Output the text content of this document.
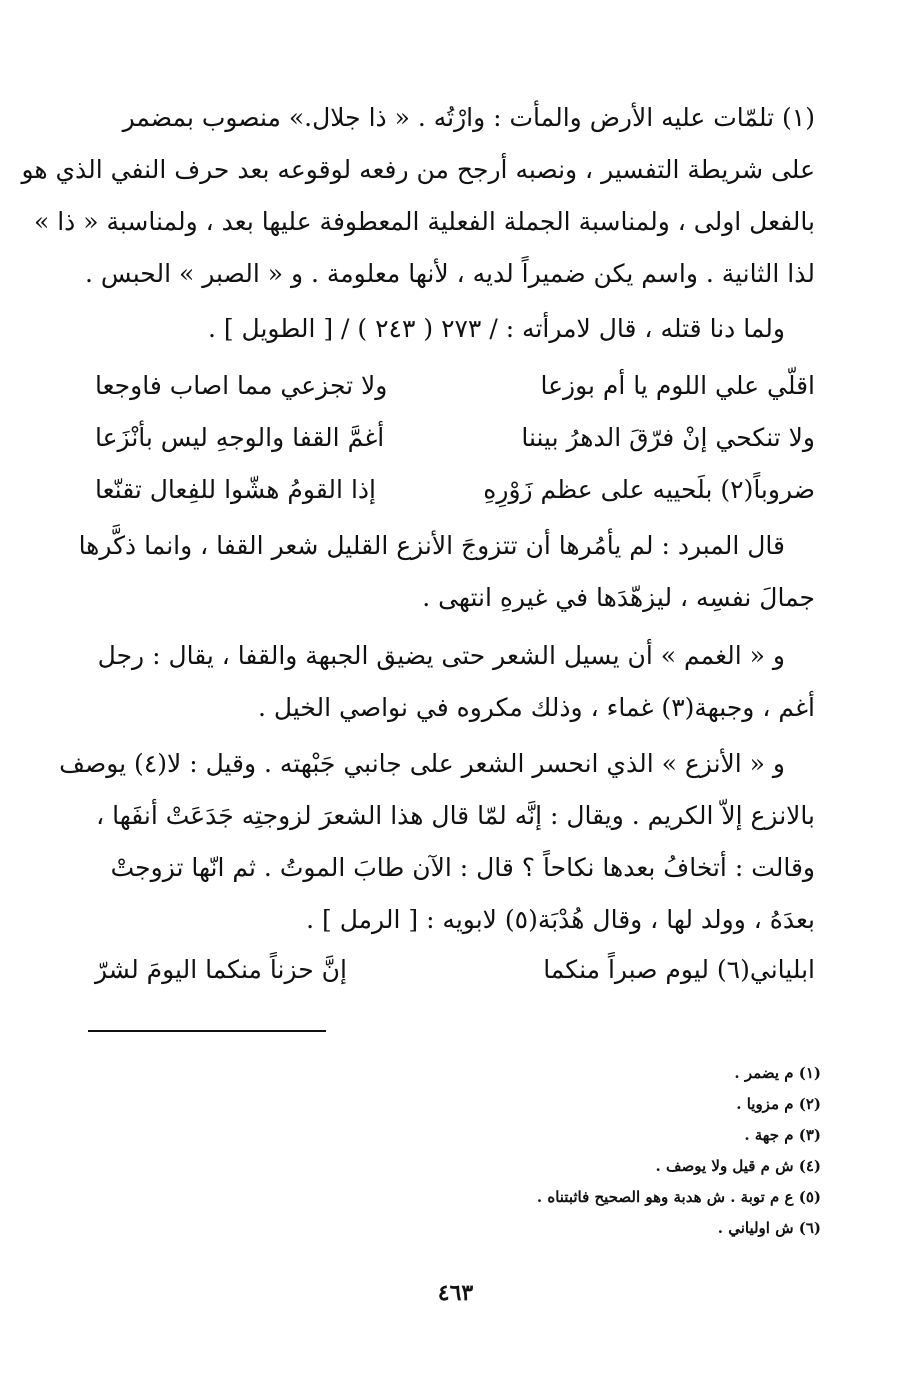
(١) تلمّات عليه الأرض والمأت : وارْتُه . « ذا جلال.» منصوب بمضمر
على شريطة التفسير ، ونصبه أرجح من رفعه لوقوعه بعد حرف النفي الذي هو
بالفعل اولى ، ولمناسبة الجملة الفعلية المعطوفة عليها بعد ، ولمناسبة « ذا »
لذا الثانية . واسم يكن ضميراً لديه ، لأنها معلومة . و « الصبر » الحبس .
ولما دنا قتله ، قال لامرأته : / ٢٧٣ ( ٢٤٣ ) / [ الطويل ] .
اقلّي علي اللوم يا أم بوزعا
ولا تجزعي مما اصاب فاوجعا
ولا تنكحي إنْ فرّقَ الدهرُ بيننا
أغمَّ القفا والوجهِ ليس بأنْزَعا
ضروباً(٢) بلَحييه على عظم زَوْرِهِ
إذا القومُ هشّوا للفِعال تقنّعا
قال المبرد : لم يأمُرها أن تتزوجَ الأنزع القليل شعر القفا ، وانما ذكَّرها
جمالَ نفسِه ، ليزهّدَها في غيرهِ انتهى .
و « الغمم » أن يسيل الشعر حتى يضيق الجبهة والقفا ، يقال : رجل
أغم ، وجبهة(٣) غماء ، وذلك مكروه في نواصي الخيل .
و « الأنزع » الذي انحسر الشعر على جانبي جَبْهته . وقيل : لا(٤) يوصف
بالانزع إلاّ الكريم . ويقال : إنَّه لمّا قال هذا الشعرَ لزوجتِه جَدَعَتْ أنفَها ،
وقالت : أتخافُ بعدها نكاحاً ؟ قال : الآن طابَ الموتُ . ثم انّها تزوجتْ
بعدَهُ ، وولد لها ، وقال هُدْبَة(٥) لابويه : [ الرمل ] .
ابلياني(٦) ليوم صبراً منكما
إنَّ حزناً منكما اليومَ لشرّ
(١) م يضمر .
(٢) م مزويا .
(٣) م جهة .
(٤) ش م قيل ولا يوصف .
(٥) ع م توبة . ش هدبة وهو الصحيح فاثبتناه .
(٦) ش اولياني .
٤٦٣
